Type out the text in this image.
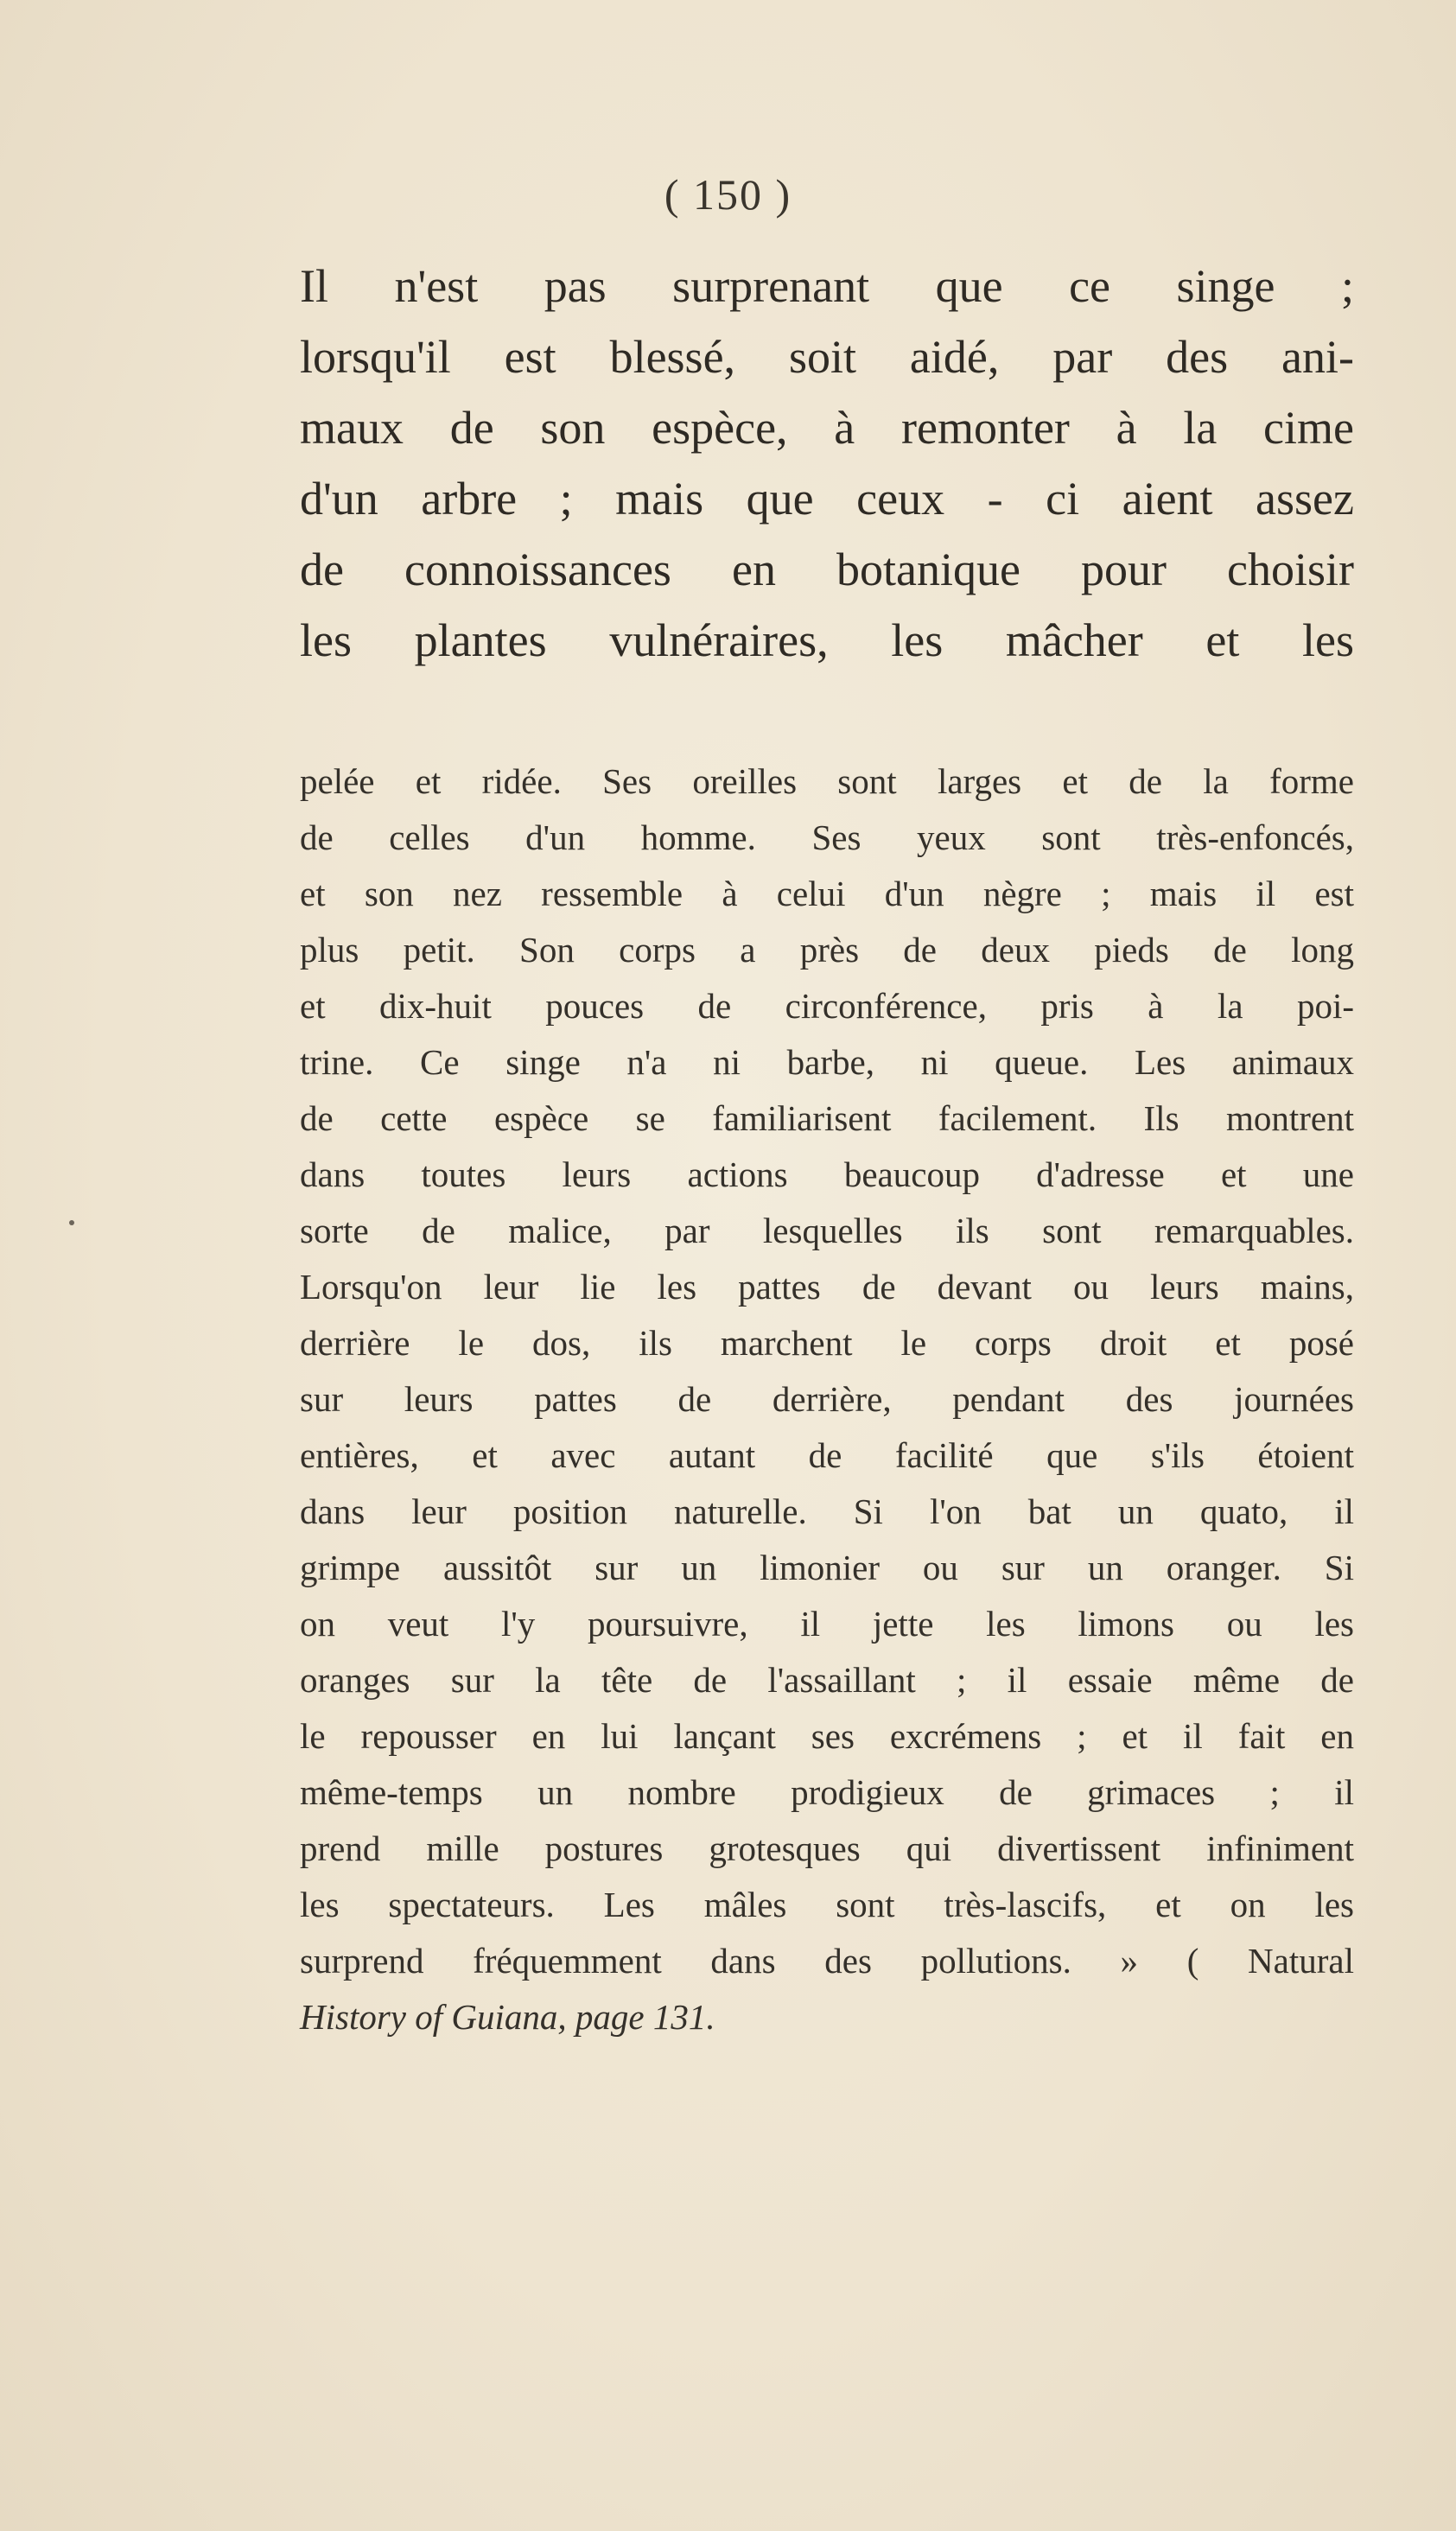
( 150 )
Il n'est pas surprenant que ce singe ;
lorsqu'il est blessé, soit aidé, par des ani-
maux de son espèce, à remonter à la cime
d'un arbre ; mais que ceux - ci aient assez
de connoissances en botanique pour choisir
les plantes vulnéraires, les mâcher et les
pelée et ridée. Ses oreilles sont larges et de la forme
de celles d'un homme. Ses yeux sont très-enfoncés,
et son nez ressemble à celui d'un nègre ; mais il est
plus petit. Son corps a près de deux pieds de long
et dix-huit pouces de circonférence, pris à la poi-
trine. Ce singe n'a ni barbe, ni queue. Les animaux
de cette espèce se familiarisent facilement. Ils montrent
dans toutes leurs actions beaucoup d'adresse et une
sorte de malice, par lesquelles ils sont remarquables.
Lorsqu'on leur lie les pattes de devant ou leurs mains,
derrière le dos, ils marchent le corps droit et posé
sur leurs pattes de derrière, pendant des journées
entières, et avec autant de facilité que s'ils étoient
dans leur position naturelle. Si l'on bat un quato, il
grimpe aussitôt sur un limonier ou sur un oranger. Si
on veut l'y poursuivre, il jette les limons ou les
oranges sur la tête de l'assaillant ; il essaie même de
le repousser en lui lançant ses excrémens ; et il fait en
même-temps un nombre prodigieux de grimaces ; il
prend mille postures grotesques qui divertissent infiniment
les spectateurs. Les mâles sont très-lascifs, et on les
surprend fréquemment dans des pollutions. » ( Natural
History of Guiana, page 131.
